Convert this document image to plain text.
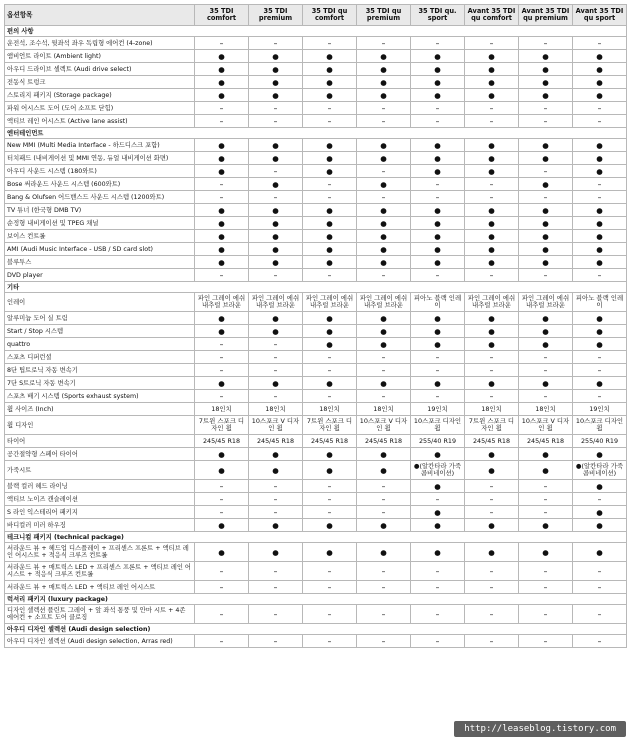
옵션항목	35 TDI comfort	35 TDI premium	35 TDI qu comfort	35 TDI qu premium	35 TDI qu. sport	Avant 35 TDI qu comfort	Avant 35 TDI qu premium	Avant 35 TDI qu sport
편의 사항								
운전석, 조수석, 뒷좌석 좌우 독립형 에어컨 (4-zone)	–	–	–	–	–	–	–	–
앰비언트 라이트 (Ambient light)	●	●	●	●	●	●	●	●
아우디 드라이브 셀렉트 (Audi drive select)	●	●	●	●	●	●	●	●
전동식 트렁크	●	●	●	●	●	●	●	●
스토리지 패키지 (Storage package)	●	●	●	●	●	●	●	●
파워 어시스트 도어 (도어 소프트 닫힘)	–	–	–	–	–	–	–	–
액티브 레인 어시스트 (Active lane assist)	–	–	–	–	–	–	–	–
엔터테인먼트								
New MMI (Multi Media Interface - 하드디스크 포함)	●	●	●	●	●	●	●	●
터치패드 (내비게이션 및 MMI 연동, 듀얼 내비게이션 화면)	●	●	●	●	●	●	●	●
아우디 사운드 시스템 (180와트)	●	–	●	–	●	●	–	●
Bose 써라운드 사운드 시스템 (600와트)	–	●	–	●	–	–	●	–
Bang & Olufsen 어드밴스드 사운드 시스템 (1200와트)	–	–	–	–	–	–	–	–
TV 튜너 (한국형 DMB TV)	●	●	●	●	●	●	●	●
순정형 내비게이션 및 TPEG 채널	●	●	●	●	●	●	●	●
보이스 컨트롤	●	●	●	●	●	●	●	●
AMI (Audi Music Interface - USB / SD card slot)	●	●	●	●	●	●	●	●
블루투스	●	●	●	●	●	●	●	●
DVD player	–	–	–	–	–	–	–	–
기타								
인레이	파인 그레이 에쉬 내추럴 브라운	파인 그레이 에쉬 내추럴 브라운	파인 그레이 에쉬 내추럴 브라운	파인 그레이 에쉬 내추럴 브라운	피아노 블랙 인레이	파인 그레이 에쉬 내추럴 브라운	파인 그레이 에쉬 내추럴 브라운	피아노 블랙 인레이
알루미늄 도어 실 트림	●	●	●	●	●	●	●	●
Start / Stop 시스템	●	●	●	●	●	●	●	●
quattro	–	–	●	●	●	●	●	●
스포츠 디퍼런셜	–	–	–	–	–	–	–	–
8단 팁트로닉 자동 변속기	–	–	–	–	–	–	–	–
7단 S트로닉 자동 변속기	●	●	●	●	●	●	●	●
스포츠 배기 시스템 (Sports exhaust system)	–	–	–	–	–	–	–	–
휠 사이즈 (Inch)	18인치	18인치	18인치	18인치	19인치	18인치	18인치	19인치
휠 디자인	7트윈 스포크 디자인 휠	10스포크 V 디자인 휠	7트윈 스포크 디자인 휠	10스포크 V 디자인 휠	10스포크 디자인 휠	7트윈 스포크 디자인 휠	10스포크 V 디자인 휠	10스포크 디자인 휠
타이어	245/45 R18	245/45 R18	245/45 R18	245/45 R18	255/40 R19	245/45 R18	245/45 R18	255/40 R19
공간절약형 스페어 타이어	●	●	●	●	●	●	●	●
가죽시트	●	●	●	●	●(알칸타라 가죽 콤비네이션)	●	●	●(알칸타라 가죽 콤비네이션)
블랙 컬러 헤드 라이닝	–	–	–	–	●	–	–	●
액티브 노이즈 캔슬레이션	–	–	–	–	–	–	–	–
S 라인 익스테리어 패키지	–	–	–	–	●	–	–	●
바디컬러 미러 하우징	●	●	●	●	●	●	●	●
테크니컬 패키지 (technical package)								
서라운드 뷰 + 헤드업 디스플레이 + 프리센스 프론트 + 액티브 레인 어시스트 + 적응식 크루즈 컨트롤	●	●	●	●	●	●	●	●
서라운드 뷰 + 매트릭스 LED + 프리센스 프론트 + 액티브 레인 어시스트 + 적응식 크루즈 컨트롤	–	–	–	–	–	–	–	–
서라운드 뷰 + 매트릭스 LED + 액티브 레인 어시스트	–	–	–	–	–	–	–	–
럭셔리 패키지 (luxury package)								
디자인 셀렉션 플린트 그레이 + 앞 좌석 통풍 및 안마 시트 + 4존 에어컨 + 소프트 도어 클로징	–	–	–	–	–	–	–	–
아우디 디자인 셀렉션 (Audi design selection)								
아우디 디자인 셀렉션 (Audi design selection, Arras red)	–	–	–	–	–	–	–	–
http://leaseblog.tistory.com
